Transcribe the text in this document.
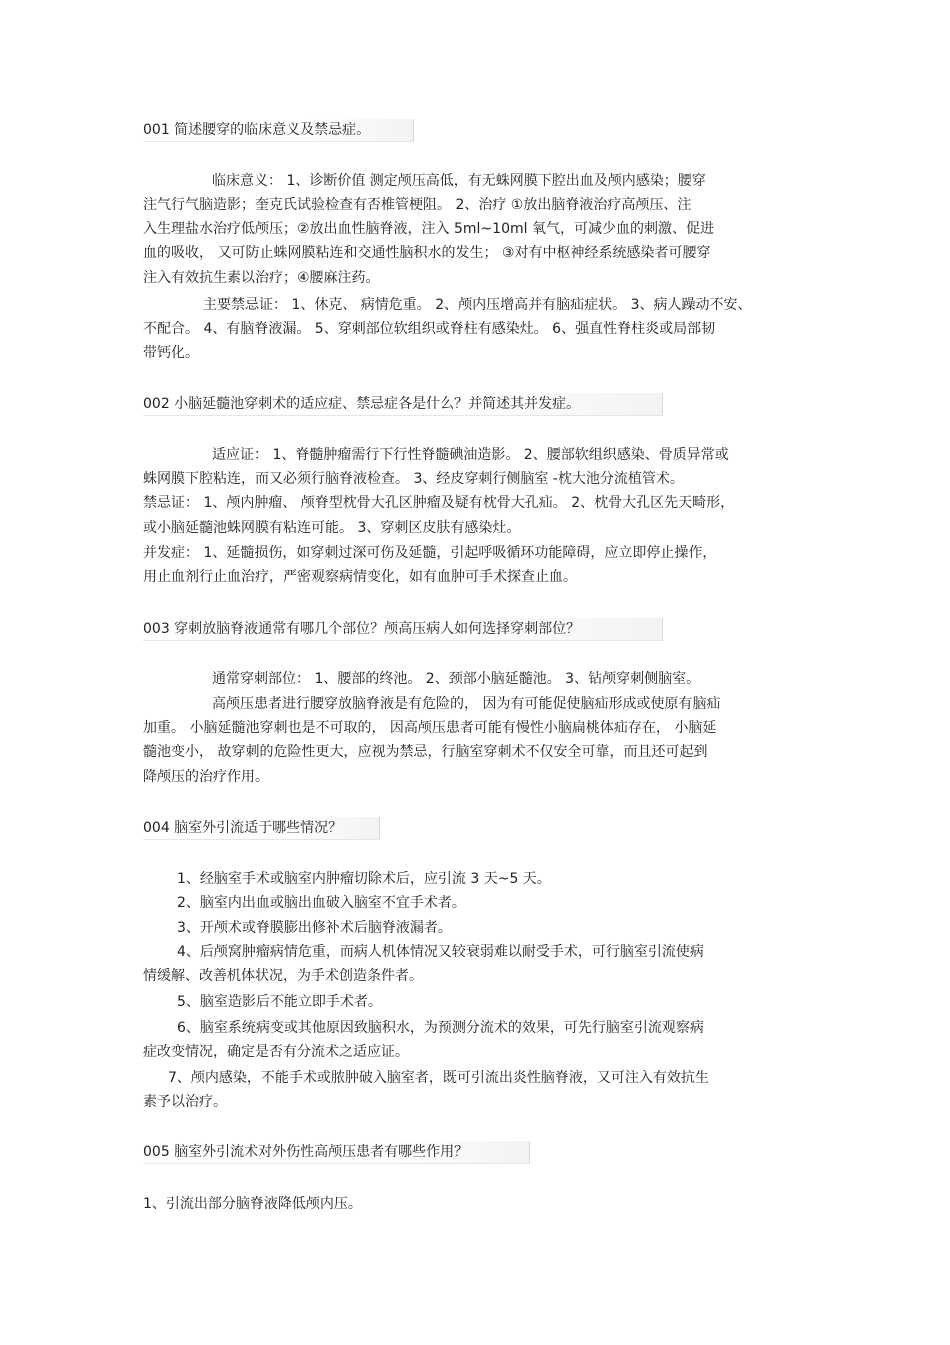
001 简述腰穿的临床意义及禁忌症。
临床意义： 1、诊断价值 测定颅压高低，有无蛛网膜下腔出血及颅内感染；腰穿
注气行气脑造影；奎克氏试验检查有否椎管梗阻。 2、治疗 ①放出脑脊液治疗高颅压、注
入生理盐水治疗低颅压；②放出血性脑脊液，注入 5ml~10ml 氧气，可减少血的刺激、促进
血的吸收， 又可防止蛛网膜粘连和交通性脑积水的发生； ③对有中枢神经系统感染者可腰穿
注入有效抗生素以治疗；④腰麻注药。
主要禁忌证： 1、休克、 病情危重。 2、颅内压增高并有脑疝症状。 3、病人躁动不安、
不配合。 4、有脑脊液漏。 5、穿刺部位软组织或脊柱有感染灶。 6、强直性脊柱炎或局部韧
带钙化。
002 小脑延髓池穿刺术的适应症、禁忌症各是什么？并简述其并发症。
适应证： 1、脊髓肿瘤需行下行性脊髓碘油造影。 2、腰部软组织感染、骨质异常或
蛛网膜下腔粘连，而又必须行脑脊液检查。 3、经皮穿刺行侧脑室 -枕大池分流植管术。
禁忌证： 1、颅内肿瘤、 颅脊型枕骨大孔区肿瘤及疑有枕骨大孔疝。 2、枕骨大孔区先天畸形，
或小脑延髓池蛛网膜有粘连可能。 3、穿刺区皮肤有感染灶。
并发症： 1、延髓损伤，如穿刺过深可伤及延髓，引起呼吸循环功能障碍，应立即停止操作，
用止血剂行止血治疗，严密观察病情变化，如有血肿可手术探查止血。
003 穿刺放脑脊液通常有哪几个部位？颅高压病人如何选择穿刺部位？
通常穿刺部位： 1、腰部的终池。 2、颈部小脑延髓池。 3、钻颅穿刺侧脑室。
高颅压患者进行腰穿放脑脊液是有危险的， 因为有可能促使脑疝形成或使原有脑疝
加重。 小脑延髓池穿刺也是不可取的， 因高颅压患者可能有慢性小脑扁桃体疝存在， 小脑延
髓池变小， 故穿刺的危险性更大，应视为禁忌，行脑室穿刺术不仅安全可靠，而且还可起到
降颅压的治疗作用。
004 脑室外引流适于哪些情况？
1、经脑室手术或脑室内肿瘤切除术后，应引流 3 天~5 天。
2、脑室内出血或脑出血破入脑室不宜手术者。
3、开颅术或脊膜膨出修补术后脑脊液漏者。
4、后颅窝肿瘤病情危重，而病人机体情况又较衰弱难以耐受手术，可行脑室引流使病
情缓解、改善机体状况，为手术创造条件者。
5、脑室造影后不能立即手术者。
6、脑室系统病变或其他原因致脑积水，为预测分流术的效果，可先行脑室引流观察病
症改变情况，确定是否有分流术之适应证。
7、颅内感染，不能手术或脓肿破入脑室者，既可引流出炎性脑脊液，又可注入有效抗生
素予以治疗。
005 脑室外引流术对外伤性高颅压患者有哪些作用？
1、引流出部分脑脊液降低颅内压。
